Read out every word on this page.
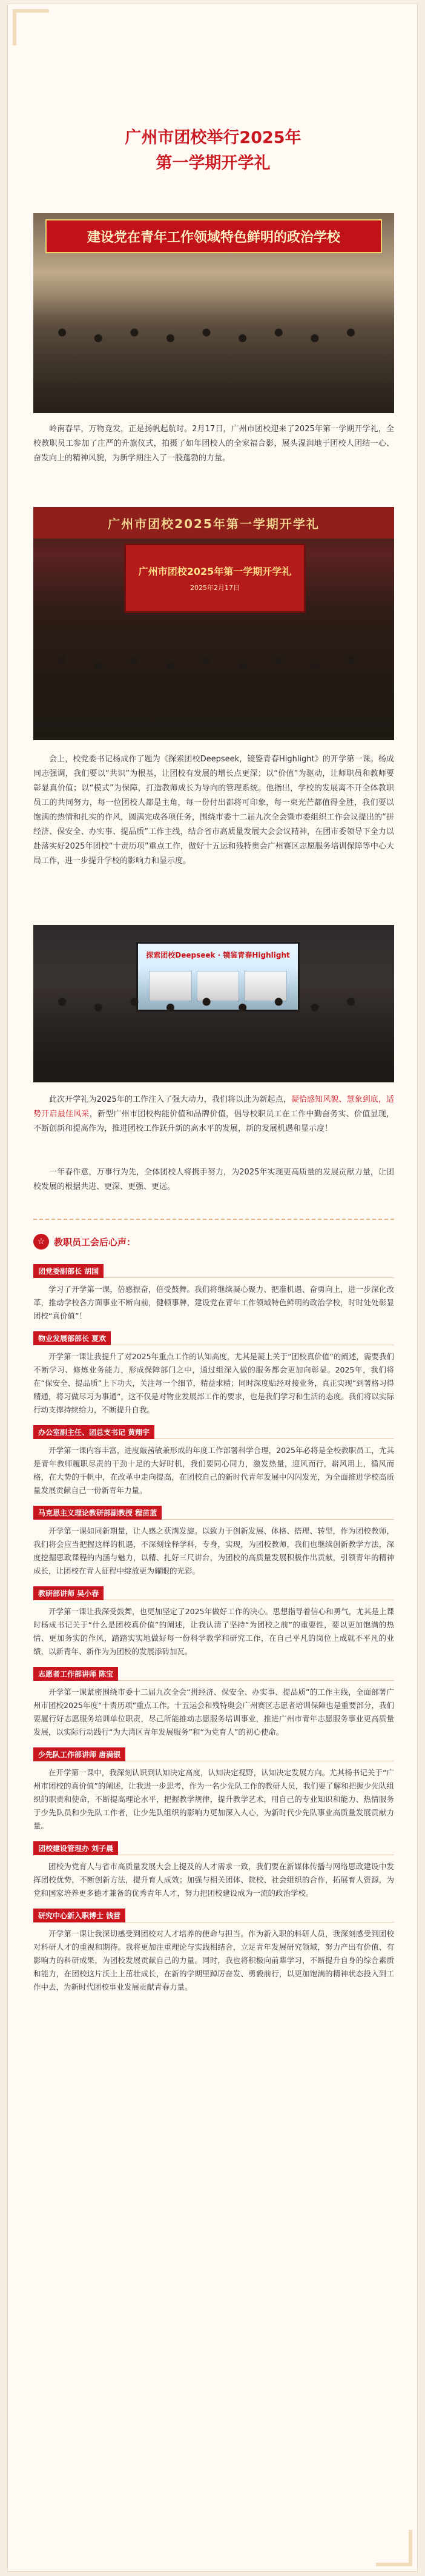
广州市团校举行2025年
第一学期开学礼
建设党在青年工作领域特色鲜明的政治学校
岭南春早，万物竞发，正是扬帆起航时。2月17日，广州市团校迎来了2025年第一学期开学礼，全校教职员工参加了庄严的升旗仪式，拍摄了如年团校人的全家福合影，展头湿润地于团校人团结一心、奋发向上的精神风貌，为新学期注入了一股蓬勃的力量。
广州市团校2025年第一学期开学礼
广州市团校2025年第一学期开学礼
2025年2月17日
会上，校党委书记杨成作了题为《探索团校Deepseek，镜鉴青春Highlight》的开学第一课。杨成同志强调，我们要以“共识”为根基，让团校有发展的增长点更深；以“价值”为驱动，让师职员和教师要彰显真价值；以“模式”为保障，打造教师成长为导向的管理系统。他指出，学校的发展离不开全体教职员工的共同努力，每一位团校人都是主角，每一份付出都将可印象，每一束光芒都值得全胜，我们要以饱满的热情和扎实的作风，圆满完成各项任务，围绕市委十二届九次全会暨市委组织工作会议提出的“拼经济、保安全、办实事、提品质”工作主线，结合省市高质量发展大会会议精神，在团市委领导下全力以赴落实好2025年团校“十责历项”重点工作，做好十五运和残特奥会广州赛区志愿服务培训保障等中心大局工作，进一步提升学校的影响力和显示度。
探索团校Deepseek · 镜鉴青春Highlight
此次开学礼为2025年的工作注入了强大动力，我们将以此为新起点，凝恰感知风貌、慧象到底，适势开启最佳风采，新型广州市团校构能价值和品牌价值，倡导校职员工在工作中勤奋务实、价值显现，不断创新和提高作为，推进团校工作跃升新的高水平的发展，新的发展机遇和显示度！
一年春作意，万事行为先，全体团校人将携手努力，为2025年实现更高质量的发展贡献力量，让团校发展的根据共进、更深、更强、更远。
☆ 教职员工会后心声：
团党委副部长 胡国
学习了开学第一课，倍感振奋，倍受鼓舞。我们将继续凝心聚力、把准机遇、奋勇向上，进一步深化改革，推动学校各方面事业不断向前，健顿事牌，建设党在青年工作领域特色鲜明的政治学校，时时处处彰显团校“真价值”！
物业发展部部长 夏欢
开学第一课让我提升了对2025年重点工作的认知高度，尤其是凝上关于“团校真价值”的阐述，需要我们不断学习、修炼业务能力，形成保障部门之中，通过组深入做的服务都会更加向彰显。2025年，我们将在“保安全、提品质”上下功夫，关注每一个细节，精益求精；同时深度贴经对接业务，真正实现“到署格习得精通，将习做尽习为事通”，这不仅是对物业发展部工作的要求，也是我们学习和生活的态度。我们将以实际行动支撑持续给力，不断提升自我。
办公室副主任、团总支书记 黄翔宇
开学第一课内容丰富，进度敲茜敏兼形成的年度工作部署科学合理，2025年必将是全校教职员工，尤其是青年教师履职尽责的干劲十足的大好时机，我们要同心同力，激发热量，迎风而行，崭风用上，循风而格，在大势的千帆中，在改革中走向提高，在团校自己的新时代青年发展中闪闪发光，为全面推进学校高质量发展贡献自己一份新青年力量。
马克思主义理论教研部副教授 程苗蓝
开学第一课如同新期量，让人感之获满发旋。以致力于创新发展、体格、搭理、转型，作为团校教师，我们将会应当把握这样的机遇，不深刻诠释学科，专身，实现，为团校教师，我们也继续创新教学方法，深度挖掘思政课程的内涵与魅力，以精、扎好三尺讲台，为团校的高质量发展积极作出贡献，引领青年的精神成长，让团校在青人征程中绽放更为耀眼的光彩。
教研部讲师 吴小春
开学第一课让我深受鼓舞，也更加坚定了2025年做好工作的决心。思想指导着信心和勇气，尤其是上课时杨成书记关于“什么是团校真价值”的阐述，让我认清了坚持“为团校之前”的重要性，要以更加饱满的热情、更加务实的作风，踏踏实实地做好每一份科学教学和研究工作，在自己平凡的岗位上成就不平凡的业绩，以新青年、新作为为团校的发展添砖加瓦。
志愿者工作部讲师 陈宝
开学第一课紧密围绕市委十二届九次全会“拼经济、保安全、办实事、提品质”的工作主线，全面部署广州市团校2025年度“十责历项”重点工作。十五运会和残特奥会广州赛区志愿者培训保障也是重要部分，我们要履行好志愿服务培训单位职责，尽己所能推动志愿服务培训事业，推进广州市青年志愿服务事业更高质量发展，以实际行动践行“为大湾区青年发展服务”和“为党育人”的初心使命。
少先队工作部讲师 唐满银
在开学第一课中，我深刻认识到认知决定高度，认知决定视野，认知决定发展方向。尤其杨书记关于“广州市团校的真价值”的阐述，让我进一步思考，作为一名少先队工作的教研人员，我们要了解和把握少先队组织的职责和使命，不断提高理论水平，把握教学规律，提升教学艺术，用自己的专业知识和能力、热情服务于少先队员和少先队工作者，让少先队组织的影响力更加深入人心，为新时代少先队事业高质量发展贡献力量。
团校建设管理办 刘子晨
团校为党育人与省市高质量发展大会上提及的人才需求一致，我们要在新媒体传播与网络思政建设中发挥团校优势，不断创新方法，提升育人成效；加强与相关团体、院校、社会组织的合作，拓展育人资源，为党和国家培养更多德才兼备的优秀青年人才，努力把团校建设成为一流的政治学校。
研究中心新入职博士 钱营
开学第一课让我深切感受到团校对人才培养的使命与担当。作为新入职的科研人员，我深刻感受到团校对科研人才的重视和期待。我将更加注重理论与实践相结合，立足青年发展研究领域，努力产出有价值、有影响力的科研成果，为团校发展贡献自己的力量。同时，我也将积极向前辈学习，不断提升自身的综合素质和能力，在团校这片沃土上茁壮成长，在新的学期里踔厉奋发、勇毅前行，以更加饱满的精神状态投入到工作中去，为新时代团校事业发展贡献青春力量。
